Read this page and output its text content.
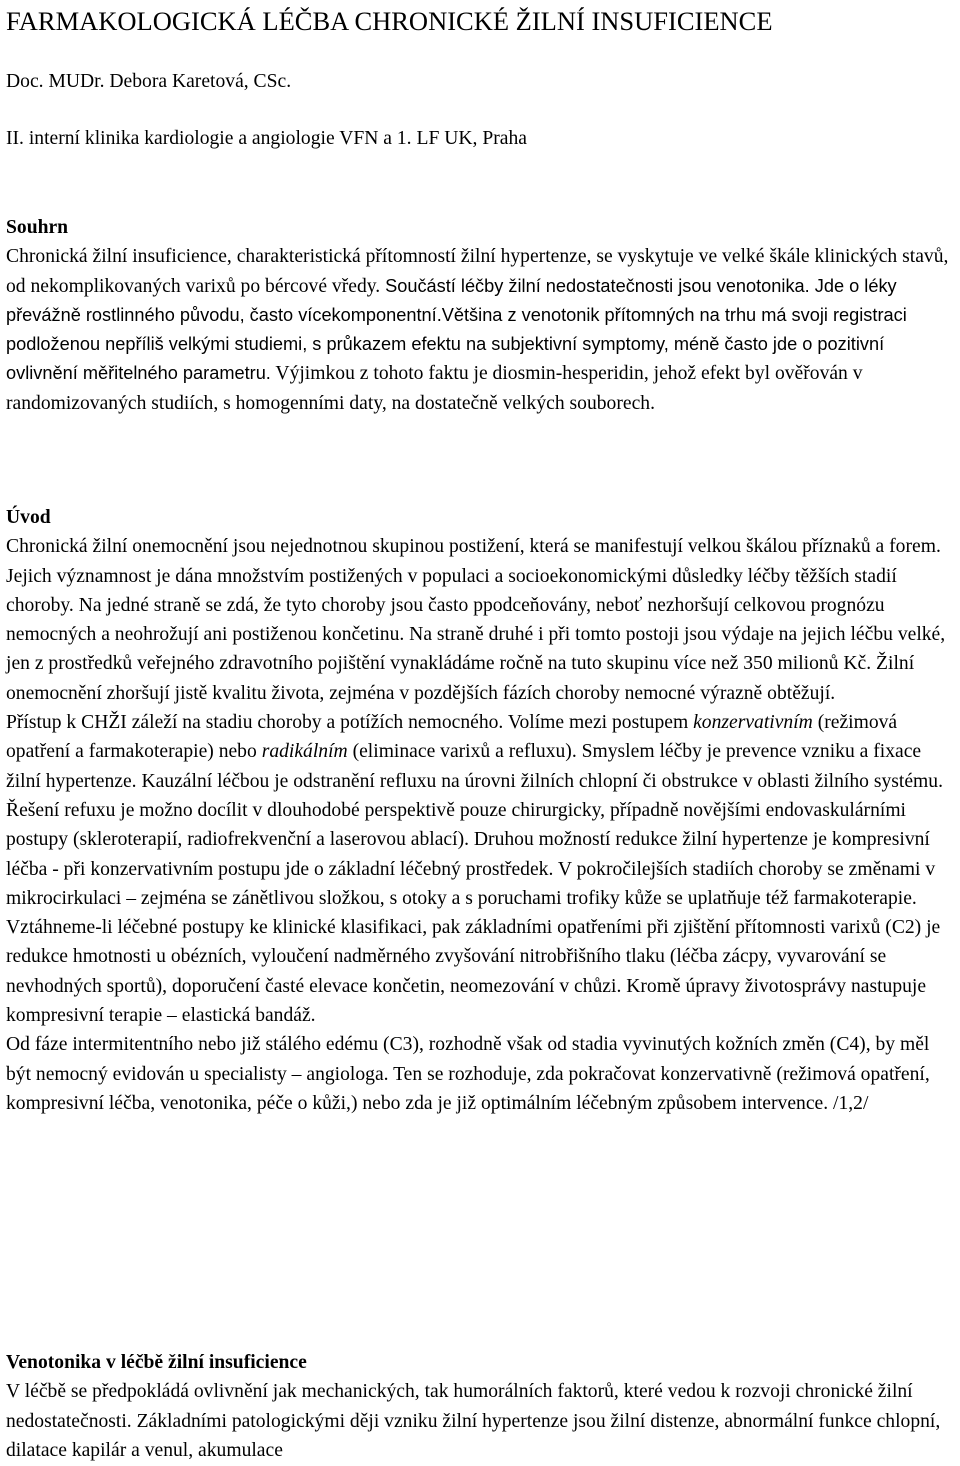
FARMAKOLOGICKÁ LÉČBA CHRONICKÉ ŽILNÍ INSUFICIENCE

Doc. MUDr. Debora Karetová, CSc.

II. interní klinika kardiologie a angiologie VFN a 1. LF UK, Praha

Souhrn

Chronická žilní insuficience, charakteristická přítomností žilní hypertenze, se vyskytuje ve velké škále klinických stavů, od nekomplikovaných varixů po bércové vředy. Součástí léčby žilní nedostatečnosti jsou venotonika. Jde o léky převážně rostlinného původu, často vícekomponentní.Většina z venotonik přítomných na trhu má svoji registraci podloženou nepříliš velkými studiemi, s průkazem efektu na subjektivní symptomy, méně často jde o pozitivní ovlivnění měřitelného parametru. Výjimkou z tohoto faktu je diosmin-hesperidin, jehož efekt byl ověřován v randomizovaných studiích, s homogenními daty, na dostatečně velkých souborech.

Úvod

Chronická žilní onemocnění jsou nejednotnou skupinou postižení, která se manifestují velkou škálou příznaků a forem. Jejich významnost je dána množstvím postižených v populaci a socioekonomickými důsledky léčby těžších stadií choroby. Na jedné straně se zdá, že tyto choroby jsou často ppodceňovány, neboť nezhoršují celkovou prognózu nemocných a neohrožují ani postiženou končetinu. Na straně druhé i při tomto postoji jsou výdaje na jejich léčbu velké, jen z prostředků veřejného zdravotního pojištění vynakládáme ročně na tuto skupinu více než 350 milionů Kč. Žilní onemocnění zhoršují jistě kvalitu života, zejména v pozdějších fázích choroby nemocné výrazně obtěžují.

Přístup k CHŽI záleží na stadiu choroby a potížích nemocného. Volíme mezi postupem konzervativním (režimová opatření a farmakoterapie) nebo radikálním (eliminace varixů a refluxu). Smyslem léčby je prevence vzniku a fixace žilní hypertenze. Kauzální léčbou je odstranění refluxu na úrovni žilních chlopní či obstrukce v oblasti žilního systému. Řešení refuxu je možno docílit v dlouhodobé perspektivě pouze chirurgicky, případně novějšími endovaskulárními postupy (skleroterapií, radiofrekvenční a laserovou ablací). Druhou možností redukce žilní hypertenze je kompresivní léčba - při konzervativním postupu jde o základní léčebný prostředek. V pokročilejších stadiích choroby se změnami v mikrocirkulaci – zejména se zánětlivou složkou, s otoky a s poruchami trofiky kůže se uplatňuje též farmakoterapie.

Vztáhneme-li léčebné postupy ke klinické klasifikaci, pak základními opatřeními při zjištění přítomnosti varixů (C2) je redukce hmotnosti u obézních, vyloučení nadměrného zvyšování nitrobřišního tlaku (léčba zácpy, vyvarování se nevhodných sportů), doporučení časté elevace končetin, neomezování v chůzi. Kromě úpravy životosprávy nastupuje kompresivní terapie – elastická bandáž.

Od fáze intermitentního nebo již stálého edému (C3), rozhodně však od stadia vyvinutých kožních změn (C4), by měl být nemocný evidován u specialisty – angiologa. Ten se rozhoduje, zda pokračovat konzervativně (režimová opatření, kompresivní léčba, venotonika, péče o kůži,) nebo zda je již optimálním léčebným způsobem intervence. /1,2/

Venotonika v léčbě žilní insuficience

V léčbě se předpokládá ovlivnění jak mechanických, tak humorálních faktorů, které vedou k rozvoji chronické žilní nedostatečnosti. Základními patologickými ději vzniku žilní hypertenze jsou žilní distenze, abnormální funkce chlopní, dilatace kapilár a venul, akumulace
